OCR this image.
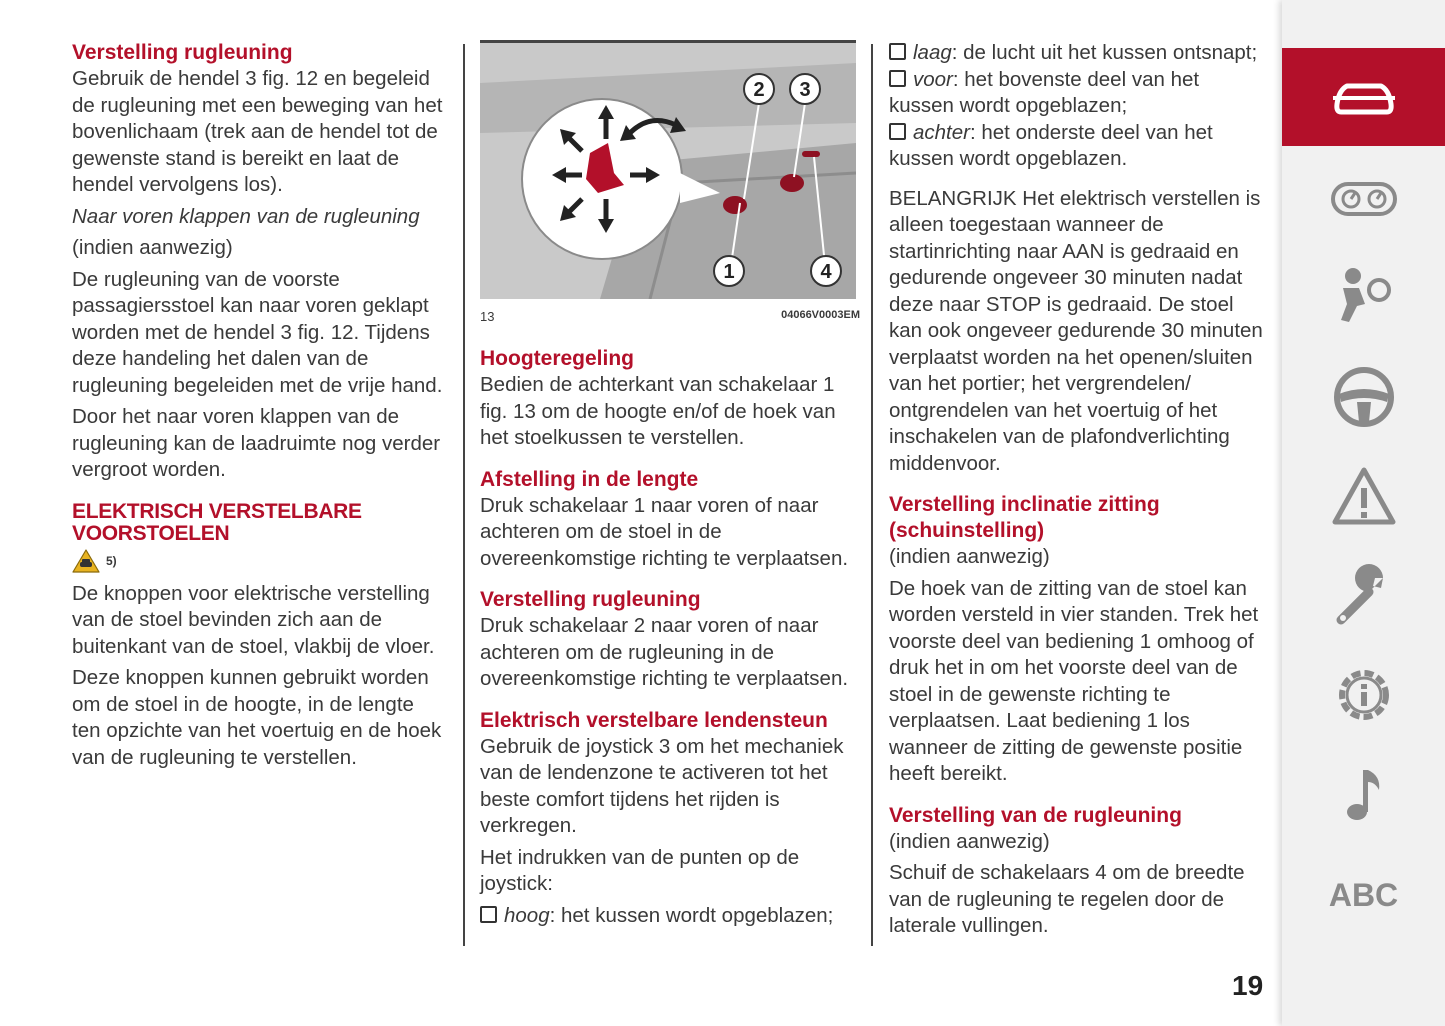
Verstelling rugleuning

Gebruik de hendel 3 fig. 12 en begeleid de rugleuning met een beweging van het bovenlichaam (trek aan de hendel tot de gewenste stand is bereikt en laat de hendel vervolgens los).

Naar voren klappen van de rugleuning

(indien aanwezig)

De rugleuning van de voorste passagiersstoel kan naar voren geklapt worden met de hendel 3 fig. 12. Tijdens deze handeling het dalen van de rugleuning begeleiden met de vrije hand.

Door het naar voren klappen van de rugleuning kan de laadruimte nog verder vergroot worden.

ELEKTRISCH VERSTELBARE VOORSTOELEN
5)

De knoppen voor elektrische verstelling van de stoel bevinden zich aan de buitenkant van de stoel, vlakbij de vloer.

Deze knoppen kunnen gebruikt worden om de stoel in de hoogte, in de lengte ten opzichte van het voertuig en de hoek van de rugleuning te verstellen.

2 3
1	4
13	04066V0003EM
Hoogteregeling

Bedien de achterkant van schakelaar 1 fig. 13 om de hoogte en/of de hoek van het stoelkussen te verstellen.

Afstelling in de lengte

Druk schakelaar 1 naar voren of naar achteren om de stoel in de overeenkomstige richting te verplaatsen.

Verstelling rugleuning

Druk schakelaar 2 naar voren of naar achteren om de rugleuning in de overeenkomstige richting te verplaatsen.

Elektrisch verstelbare lendensteun

Gebruik de joystick 3 om het mechaniek van de lendenzone te activeren tot het beste comfort tijdens het rijden is verkregen.

Het indrukken van de punten op de joystick:

hoog: het kussen wordt opgeblazen;

laag: de lucht uit het kussen ontsnapt;

voor: het bovenste deel van het kussen wordt opgeblazen;

achter: het onderste deel van het kussen wordt opgeblazen.

BELANGRIJK Het elektrisch verstellen is alleen toegestaan wanneer de startinrichting naar AAN is gedraaid en gedurende ongeveer 30 minuten nadat deze naar STOP is gedraaid. De stoel kan ook ongeveer gedurende 30 minuten verplaatst worden na het openen/sluiten van het portier; het vergrendelen/ ontgrendelen van het voertuig of het inschakelen van de plafondverlichting middenvoor.

Verstelling inclinatie zitting (schuinstelling)

(indien aanwezig)

De hoek van de zitting van de stoel kan worden versteld in vier standen. Trek het voorste deel van bediening 1 omhoog of druk het in om het voorste deel van de stoel in de gewenste richting te verplaatsen. Laat bediening 1 los wanneer de zitting de gewenste positie heeft bereikt.

Verstelling van de rugleuning

(indien aanwezig)

Schuif de schakelaars 4 om de breedte van de rugleuning te regelen door de laterale vullingen.

19
ABC
